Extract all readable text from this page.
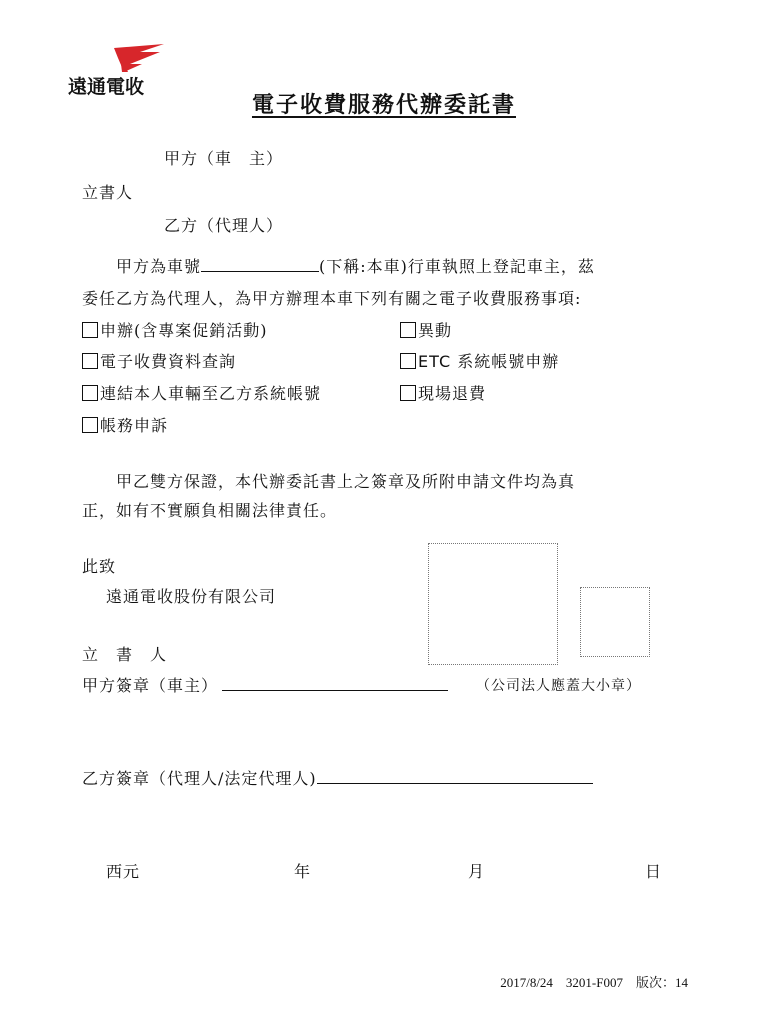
遠通電收
電子收費服務代辦委託書
甲方（車　主）
立書人
乙方（代理人）
甲方為車號	(下稱:本車)行車執照上登記車主，茲
委任乙方為代理人，為甲方辦理本車下列有關之電子收費服務事項:
申辦(含專案促銷活動)	異動
電子收費資料查詢	ETC 系統帳號申辦
連結本人車輛至乙方系統帳號	現場退費
帳務申訴
甲乙雙方保證，本代辦委託書上之簽章及所附申請文件均為真
正，如有不實願負相關法律責任。
此致
遠通電收股份有限公司
立　書　人
甲方簽章（車主）	（公司法人應蓋大小章）
乙方簽章（代理人/法定代理人)
西元	年	月	日
2017/8/24　3201-F007　版次：14
